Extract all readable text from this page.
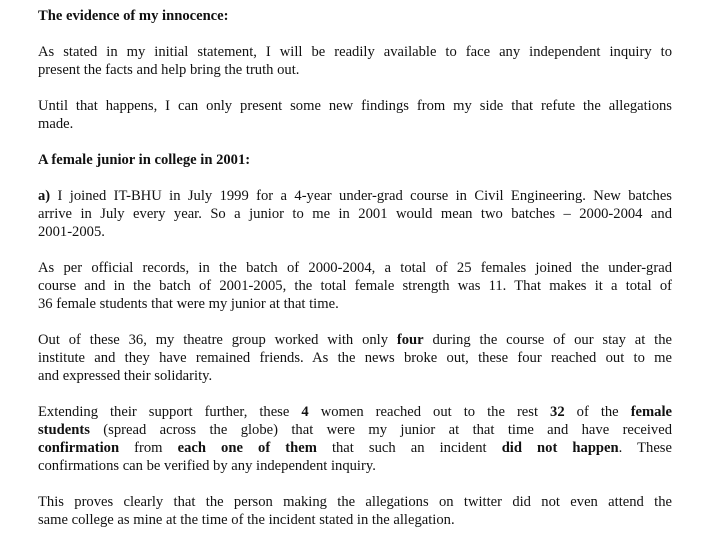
The evidence of my innocence:
As stated in my initial statement, I will be readily available to face any independent inquiry to
present the facts and help bring the truth out.
Until that happens, I can only present some new findings from my side that refute the allegations
made.
A female junior in college in 2001:
a) I joined IT-BHU in July 1999 for a 4-year under-grad course in Civil Engineering. New batches
arrive in July every year. So a junior to me in 2001 would mean two batches – 2000-2004 and
2001-2005.
As per official records, in the batch of 2000-2004, a total of 25 females joined the under-grad
course and in the batch of 2001-2005, the total female strength was 11. That makes it a total of
36 female students that were my junior at that time.
Out of these 36, my theatre group worked with only four during the course of our stay at the
institute and they have remained friends. As the news broke out, these four reached out to me
and expressed their solidarity.
Extending their support further, these 4 women reached out to the rest 32 of the female
students (spread across the globe) that were my junior at that time and have received
confirmation from each one of them that such an incident did not happen. These
confirmations can be verified by any independent inquiry.
This proves clearly that the person making the allegations on twitter did not even attend the
same college as mine at the time of the incident stated in the allegation.
